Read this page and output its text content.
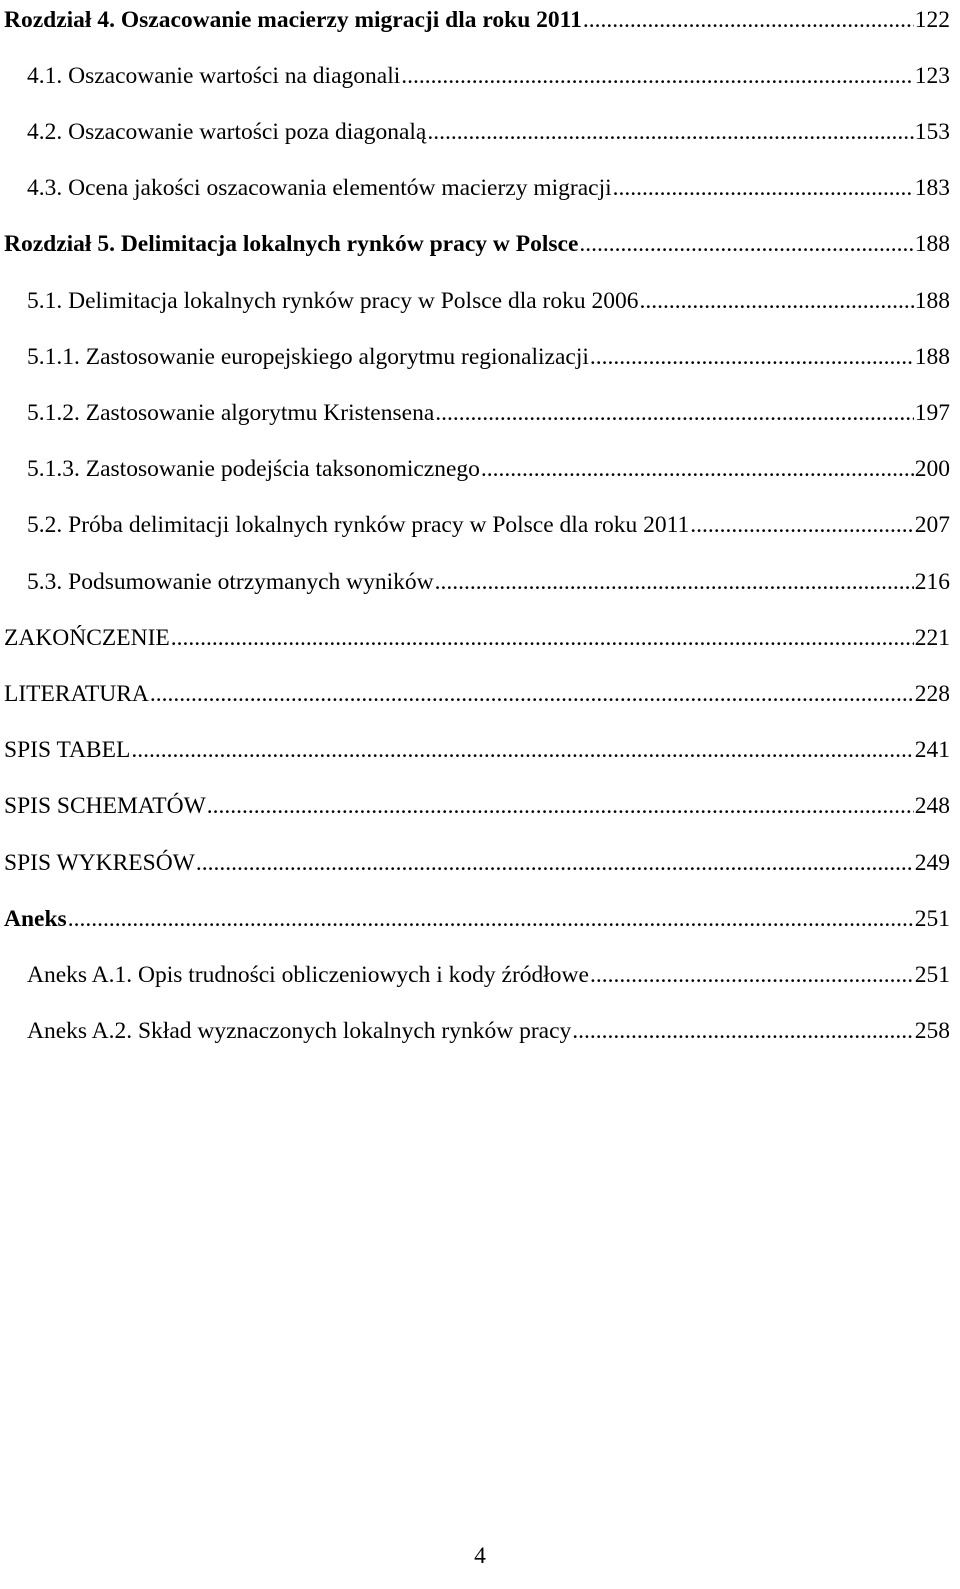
Rozdział 4. Oszacowanie macierzy migracji dla roku 2011 .....	122
4.1. Oszacowanie wartości na diagonali .....	123
4.2. Oszacowanie wartości poza diagonalą .....	153
4.3. Ocena jakości oszacowania elementów macierzy migracji .....	183
Rozdział 5. Delimitacja lokalnych rynków pracy w Polsce .....	188
5.1. Delimitacja lokalnych rynków pracy w Polsce dla roku 2006 .....	188
5.1.1. Zastosowanie europejskiego algorytmu regionalizacji .....	188
5.1.2. Zastosowanie algorytmu Kristensena .....	197
5.1.3. Zastosowanie podejścia taksonomicznego .....	200
5.2. Próba delimitacji lokalnych rynków pracy w Polsce dla roku 2011 .....	207
5.3. Podsumowanie otrzymanych wyników .....	216
ZAKOŃCZENIE .....	221
LITERATURA .....	228
SPIS TABEL .....	241
SPIS SCHEMATÓW .....	248
SPIS WYKRESÓW .....	249
Aneks .....	251
Aneks A.1. Opis trudności obliczeniowych i kody źródłowe .....	251
Aneks A.2. Skład wyznaczonych lokalnych rynków pracy .....	258
4
